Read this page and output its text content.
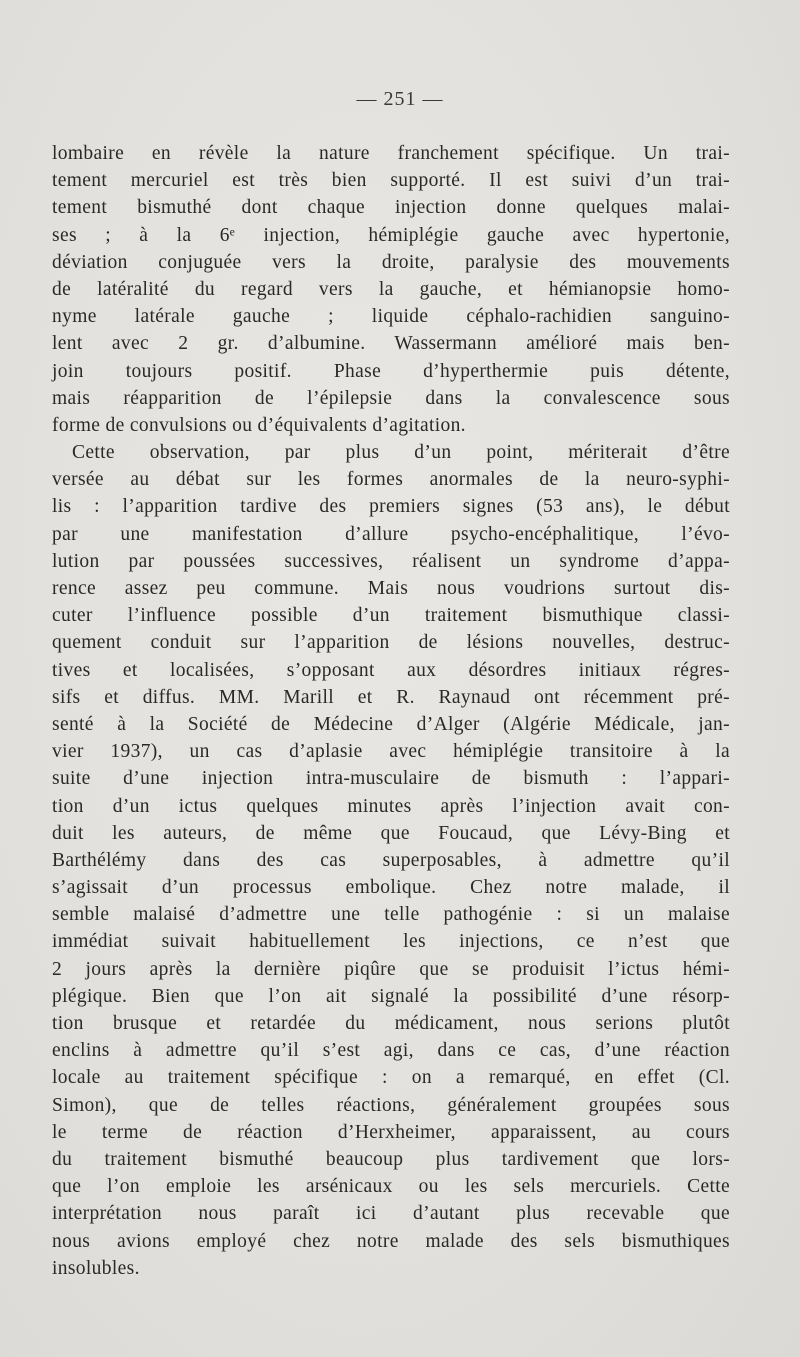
— 251 —
lombaire en révèle la nature franchement spécifique. Un trai-
tement mercuriel est très bien supporté. Il est suivi d’un trai-
tement bismuthé dont chaque injection donne quelques malai-
ses ; à la 6ᵉ injection, hémiplégie gauche avec hypertonie,
déviation conjuguée vers la droite, paralysie des mouvements
de latéralité du regard vers la gauche, et hémianopsie homo-
nyme latérale gauche ; liquide céphalo-rachidien sanguino-
lent avec 2 gr. d’albumine. Wassermann amélioré mais ben-
join toujours positif. Phase d’hyperthermie puis détente,
mais réapparition de l’épilepsie dans la convalescence sous
forme de convulsions ou d’équivalents d’agitation.
Cette observation, par plus d’un point, mériterait d’être
versée au débat sur les formes anormales de la neuro-syphi-
lis : l’apparition tardive des premiers signes (53 ans), le début
par une manifestation d’allure psycho-encéphalitique, l’évo-
lution par poussées successives, réalisent un syndrome d’appa-
rence assez peu commune. Mais nous voudrions surtout dis-
cuter l’influence possible d’un traitement bismuthique classi-
quement conduit sur l’apparition de lésions nouvelles, destruc-
tives et localisées, s’opposant aux désordres initiaux régres-
sifs et diffus. MM. Marill et R. Raynaud ont récemment pré-
senté à la Société de Médecine d’Alger (Algérie Médicale, jan-
vier 1937), un cas d’aplasie avec hémiplégie transitoire à la
suite d’une injection intra-musculaire de bismuth : l’appari-
tion d’un ictus quelques minutes après l’injection avait con-
duit les auteurs, de même que Foucaud, que Lévy-Bing et
Barthélémy dans des cas superposables, à admettre qu’il
s’agissait d’un processus embolique. Chez notre malade, il
semble malaisé d’admettre une telle pathogénie : si un malaise
immédiat suivait habituellement les injections, ce n’est que
2 jours après la dernière piqûre que se produisit l’ictus hémi-
plégique. Bien que l’on ait signalé la possibilité d’une résorp-
tion brusque et retardée du médicament, nous serions plutôt
enclins à admettre qu’il s’est agi, dans ce cas, d’une réaction
locale au traitement spécifique : on a remarqué, en effet (Cl.
Simon), que de telles réactions, généralement groupées sous
le terme de réaction d’Herxheimer, apparaissent, au cours
du traitement bismuthé beaucoup plus tardivement que lors-
que l’on emploie les arsénicaux ou les sels mercuriels. Cette
interprétation nous paraît ici d’autant plus recevable que
nous avions employé chez notre malade des sels bismuthiques
insolubles.
